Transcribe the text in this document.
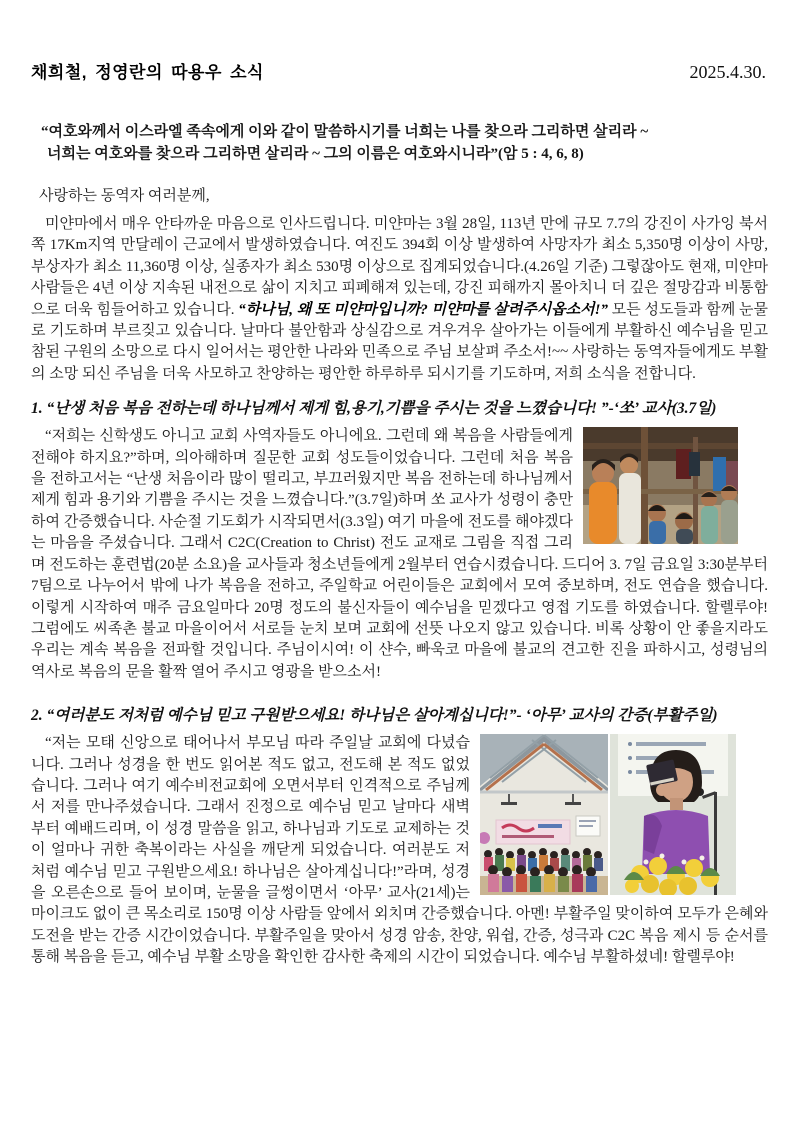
채희철, 정영란의 따용우 소식	2025.4.30.
“여호와께서 이스라엘 족속에게 이와 같이 말씀하시기를 너희는 나를 찾으라 그리하면 살리라 ~
너희는 여호와를 찾으라 그리하면 살리라 ~ 그의 이름은 여호와시니라”(암 5 : 4, 6, 8)
사랑하는 동역자 여러분께,

미얀마에서 매우 안타까운 마음으로 인사드립니다. 미얀마는 3월 28일, 113년 만에 규모 7.7의 강진이 사가잉 북서쪽 17Km지역 만달레이 근교에서 발생하였습니다. 여진도 394회 이상 발생하여 사망자가 최소 5,350명 이상이 사망, 부상자가 최소 11,360명 이상, 실종자가 최소 530명 이상으로 집계되었습니다.(4.26일 기준) 그렇잖아도 현재, 미얀마 사람들은 4년 이상 지속된 내전으로 삶이 지치고 피폐해져 있는데, 강진 피해까지 몰아치니 더 깊은 절망감과 비통함으로 더욱 힘들어하고 있습니다. “하나님, 왜 또 미얀마입니까? 미얀마를 살려주시옵소서!” 모든 성도들과 함께 눈물로 기도하며 부르짖고 있습니다. 날마다 불안함과 상실감으로 겨우겨우 살아가는 이들에게 부활하신 예수님을 믿고 참된 구원의 소망으로 다시 일어서는 평안한 나라와 민족으로 주님 보살펴 주소서!~~ 사랑하는 동역자들에게도 부활의 소망 되신 주님을 더욱 사모하고 찬양하는 평안한 하루하루 되시기를 기도하며, 저희 소식을 전합니다.

1. “난생 처음 복음 전하는데 하나님께서 제게 힘,용기,기쁨을 주시는 것을 느꼈습니다! ”-‘쏘’ 교사(3.7일)

“저희는 신학생도 아니고 교회 사역자들도 아니에요. 그런데 왜 복음을 사람들에게 전해야 하지요?”하며, 의아해하며 질문한 교회 성도들이었습니다. 그런데 처음 복음을 전하고서는 “난생 처음이라 많이 떨리고, 부끄러웠지만 복음 전하는데 하나님께서 제게 힘과 용기와 기쁨을 주시는 것을 느꼈습니다.”(3.7일)하며 쏘 교사가 성령이 충만하여 간증했습니다. 사순절 기도회가 시작되면서(3.3일) 여기 마을에 전도를 해야겠다는 마음을 주셨습니다. 그래서 C2C(Creation to Christ) 전도 교재로 그림을 직접 그리며 전도하는 훈련법(20분 소요)을 교사들과 청소년들에게 2월부터 연습시켰습니다. 드디어 3. 7일 금요일 3:30분부터 7팀으로 나누어서 밖에 나가 복음을 전하고, 주일학교 어린이들은 교회에서 모여 중보하며, 전도 연습을 했습니다. 이렇게 시작하여 매주 금요일마다 20명 정도의 불신자들이 예수님을 믿겠다고 영접 기도를 하였습니다. 할렐루야! 그럼에도 씨족촌 불교 마을이어서 서로들 눈치 보며 교회에 선뜻 나오지 않고 있습니다. 비록 상황이 안 좋을지라도 우리는 계속 복음을 전파할 것입니다. 주님이시여! 이 샨수, 빠욱코 마을에 불교의 견고한 진을 파하시고, 성령님의 역사로 복음의 문을 활짝 열어 주시고 영광을 받으소서!

2. “여러분도 저처럼 예수님 믿고 구원받으세요! 하나님은 살아계십니다!”- ‘아무’ 교사의 간증(부활주일)

“저는 모태 신앙으로 태어나서 부모님 따라 주일날 교회에 다녔습니다. 그러나 성경을 한 번도 읽어본 적도 없고, 전도해 본 적도 없었습니다. 그러나 여기 예수비전교회에 오면서부터 인격적으로 주님께서 저를 만나주셨습니다. 그래서 진정으로 예수님 믿고 날마다 새벽부터 예배드리며, 이 성경 말씀을 읽고, 하나님과 기도로 교제하는 것이 얼마나 귀한 축복이라는 사실을 깨닫게 되었습니다. 여러분도 저처럼 예수님 믿고 구원받으세요! 하나님은 살아계십니다!”라며, 성경을 오른손으로 들어 보이며, 눈물을 글썽이면서 ‘아무’ 교사(21세)는 마이크도 없이 큰 목소리로 150명 이상 사람들 앞에서 외치며 간증했습니다. 아멘! 부활주일 맞이하여 모두가 은혜와 도전을 받는 간증 시간이었습니다. 부활주일을 맞아서 성경 암송, 찬양, 워쉽, 간증, 성극과 C2C 복음 제시 등 순서를 통해 복음을 듣고, 예수님 부활 소망을 확인한 감사한 축제의 시간이 되었습니다. 예수님 부활하셨네! 할렐루야!
